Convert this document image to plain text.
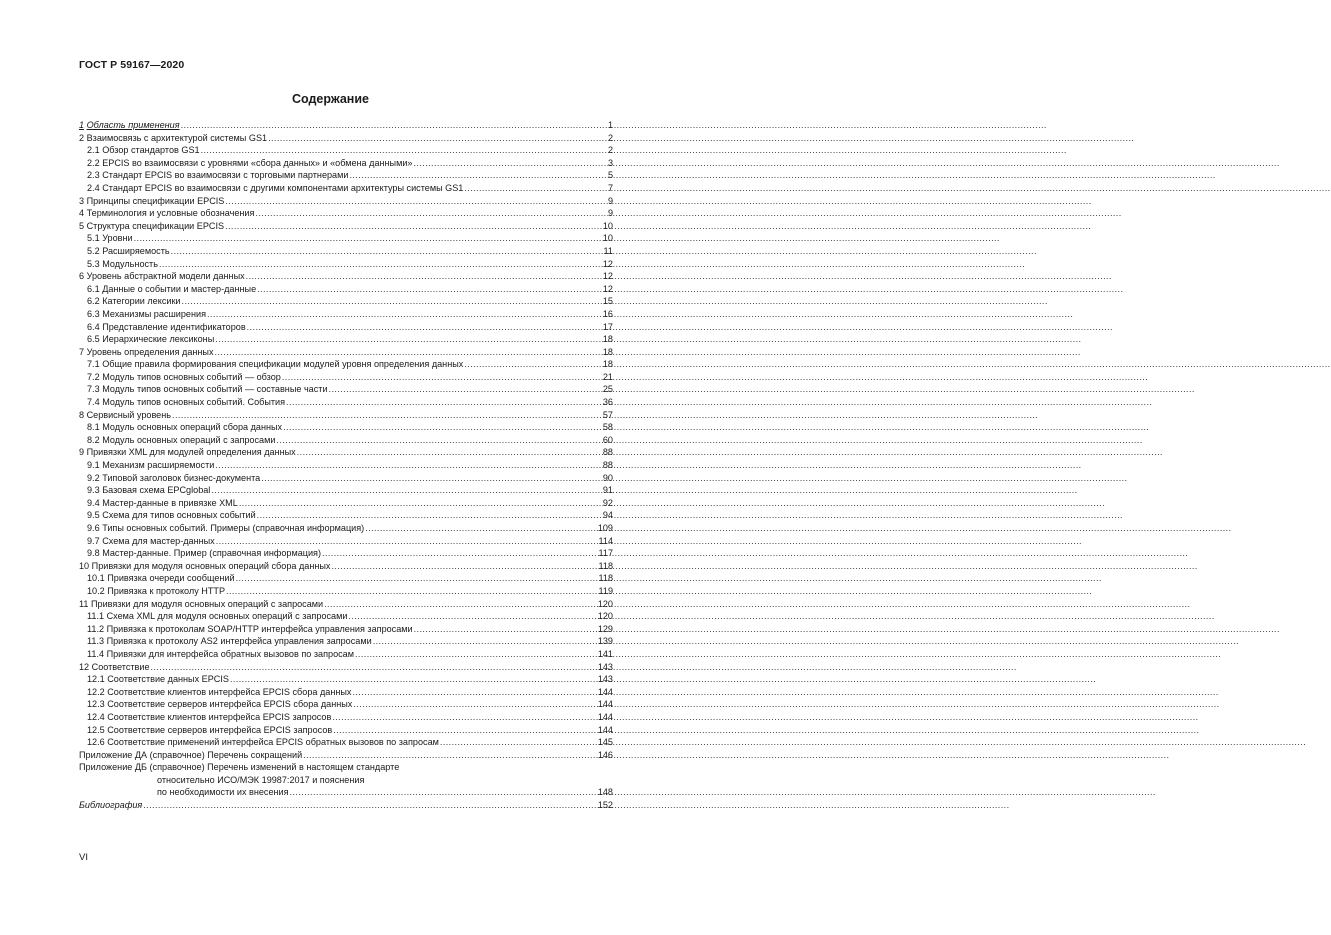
ГОСТ Р 59167—2020
Содержание
1 Область применения .....	1
2 Взаимосвязь с архитектурой системы GS1 .....	2
2.1 Обзор стандартов GS1 .....	2
2.2 EPCIS во взаимосвязи с уровнями «сбора данных» и «обмена данными» .....	3
2.3 Стандарт EPCIS во взаимосвязи с торговыми партнерами .....	5
2.4 Стандарт EPCIS во взаимосвязи с другими компонентами архитектуры системы GS1 .....	7
3 Принципы спецификации EPCIS .....	9
4 Терминология и условные обозначения .....	9
5 Структура спецификации EPCIS .....	10
5.1 Уровни .....	10
5.2 Расширяемость .....	11
5.3 Модульность .....	12
6 Уровень абстрактной модели данных .....	12
6.1 Данные о событии и мастер-данные .....	12
6.2 Категории лексики .....	15
6.3 Механизмы расширения .....	16
6.4 Представление идентификаторов .....	17
6.5 Иерархические лексиконы .....	18
7 Уровень определения данных .....	18
7.1 Общие правила формирования спецификации модулей уровня определения данных .....	18
7.2 Модуль типов основных событий — обзор .....	21
7.3 Модуль типов основных событий — составные части .....	25
7.4 Модуль типов основных событий. События .....	36
8 Сервисный уровень .....	57
8.1 Модуль основных операций сбора данных .....	58
8.2 Модуль основных операций с запросами .....	60
9 Привязки XML для модулей определения данных .....	88
9.1 Механизм расширяемости .....	88
9.2 Типовой заголовок бизнес-документа .....	90
9.3 Базовая схема EPCglobal .....	91
9.4 Мастер-данные в привязке XML .....	92
9.5 Схема для типов основных событий .....	94
9.6 Типы основных событий. Примеры (справочная информация) .....	109
9.7 Схема для мастер-данных .....	114
9.8 Мастер-данные. Пример (справочная информация) .....	117
10 Привязки для модуля основных операций сбора данных .....	118
10.1 Привязка очереди сообщений .....	118
10.2 Привязка к протоколу HTTP .....	119
11 Привязки для модуля основных операций с запросами .....	120
11.1 Схема XML для модуля основных операций с запросами .....	120
11.2 Привязка к протоколам SOAP/HTTP интерфейса управления запросами .....	129
11.3 Привязка к протоколу AS2 интерфейса управления запросами .....	139
11.4 Привязки для интерфейса обратных вызовов по запросам .....	141
12 Соответствие .....	143
12.1 Соответствие данных EPCIS .....	143
12.2 Соответствие клиентов интерфейса EPCIS сбора данных .....	144
12.3 Соответствие серверов интерфейса EPCIS сбора данных .....	144
12.4 Соответствие клиентов интерфейса EPCIS запросов .....	144
12.5 Соответствие серверов интерфейса EPCIS запросов .....	144
12.6 Соответствие применений интерфейса EPCIS обратных вызовов по запросам .....	145
Приложение ДА (справочное) Перечень сокращений .....	146
Приложение ДБ (справочное) Перечень изменений в настоящем стандарте
относительно ИСО/МЭК 19987:2017 и пояснения
по необходимости их внесения .....	148
Библиография .....	152
VI
